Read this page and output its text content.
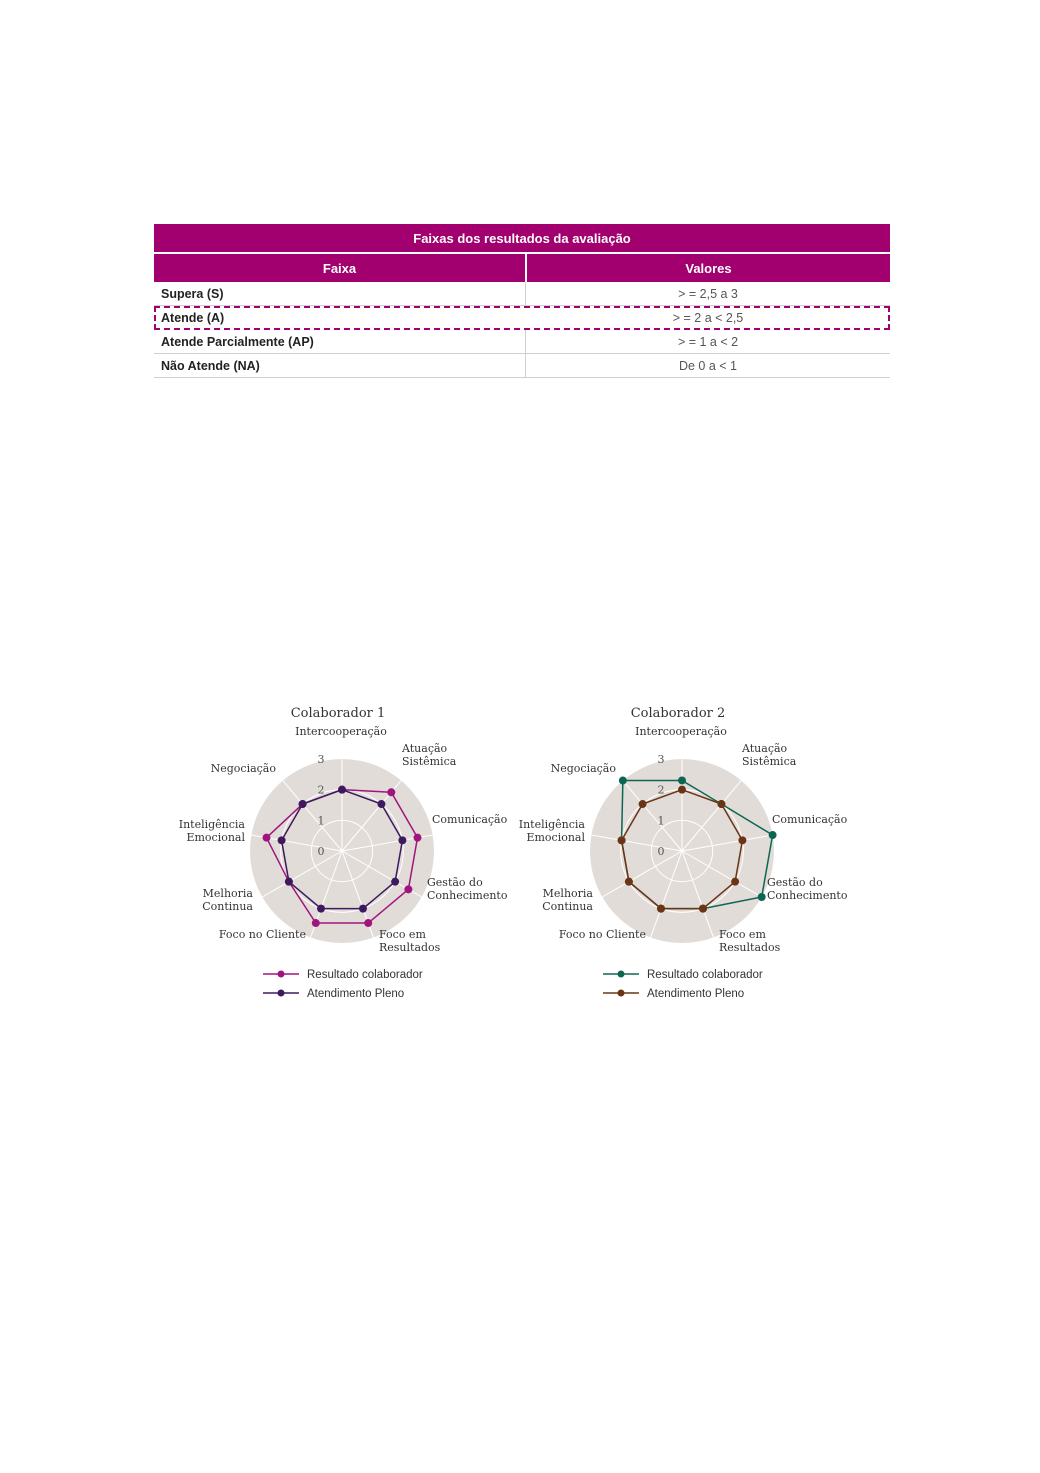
Faixas dos resultados da avaliação
Faixa	Valores
Supera (S)	> = 2,5 a 3
Atende (A)	> = 2 a < 2,5
Atende Parcialmente (AP)	> = 1 a < 2
Não Atende (NA)	De 0 a < 1
Colaborador 1
0
1
2
3
Intercooperação
Atuação Sistêmica
Comunicação
Gestão do Conhecimento
Foco em Resultados
Foco no Cliente
Melhoria Continua
Inteligência Emocional
Negociação
Resultado colaborador
Atendimento Pleno
Colaborador 2
0
1
2
3
Intercooperação
Atuação Sistêmica
Comunicação
Gestão do Conhecimento
Foco em Resultados
Foco no Cliente
Melhoria Continua
Inteligência Emocional
Negociação
Resultado colaborador
Atendimento Pleno
